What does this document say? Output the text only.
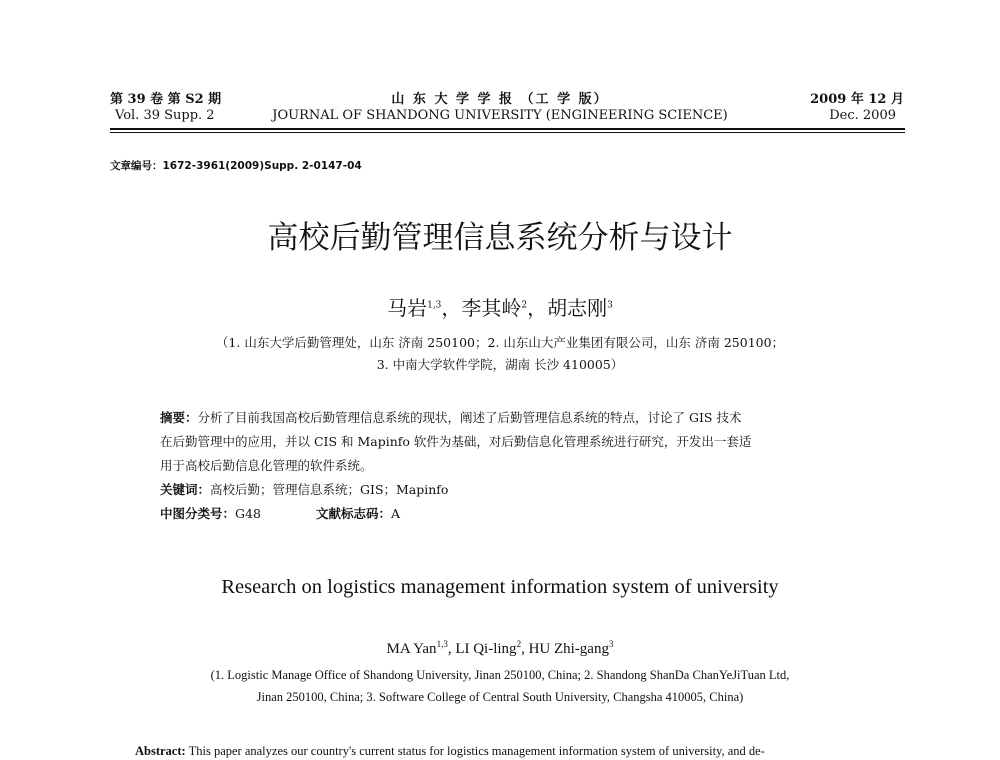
第 39 卷 第 S2 期
Vol. 39 Supp. 2
山 东 大 学 学 报 （工 学 版）
JOURNAL OF SHANDONG UNIVERSITY (ENGINEERING SCIENCE)
2009 年 12 月
Dec. 2009
文章编号：1672-3961(2009)Supp. 2-0147-04
高校后勤管理信息系统分析与设计
马岩$^{1,3}$，李其岭$^2$，胡志刚$^3$
（1. 山东大学后勤管理处，山东 济南 250100；2. 山东山大产业集团有限公司，山东 济南 250100；
3. 中南大学软件学院，湖南 长沙 410005）
摘要：分析了目前我国高校后勤管理信息系统的现状，阐述了后勤管理信息系统的特点，讨论了 GIS 技术
在后勤管理中的应用，并以 CIS 和 Mapinfo 软件为基础，对后勤信息化管理系统进行研究，开发出一套适
用于高校后勤信息化管理的软件系统。
关键词：高校后勤；管理信息系统；GIS；Mapinfo
中图分类号：G48	文献标志码：A
Research on logistics management information system of university
MA Yan$^{1,3}$, LI Qi-ling$^2$, HU Zhi-gang$^3$
(1. Logistic Manage Office of Shandong University, Jinan 250100, China; 2. Shandong ShanDa ChanYeJiTuan Ltd,
Jinan 250100, China; 3. Software College of Central South University, Changsha 410005, China)
Abstract: This paper analyzes our country's current status for logistics management information system of university, and de-
